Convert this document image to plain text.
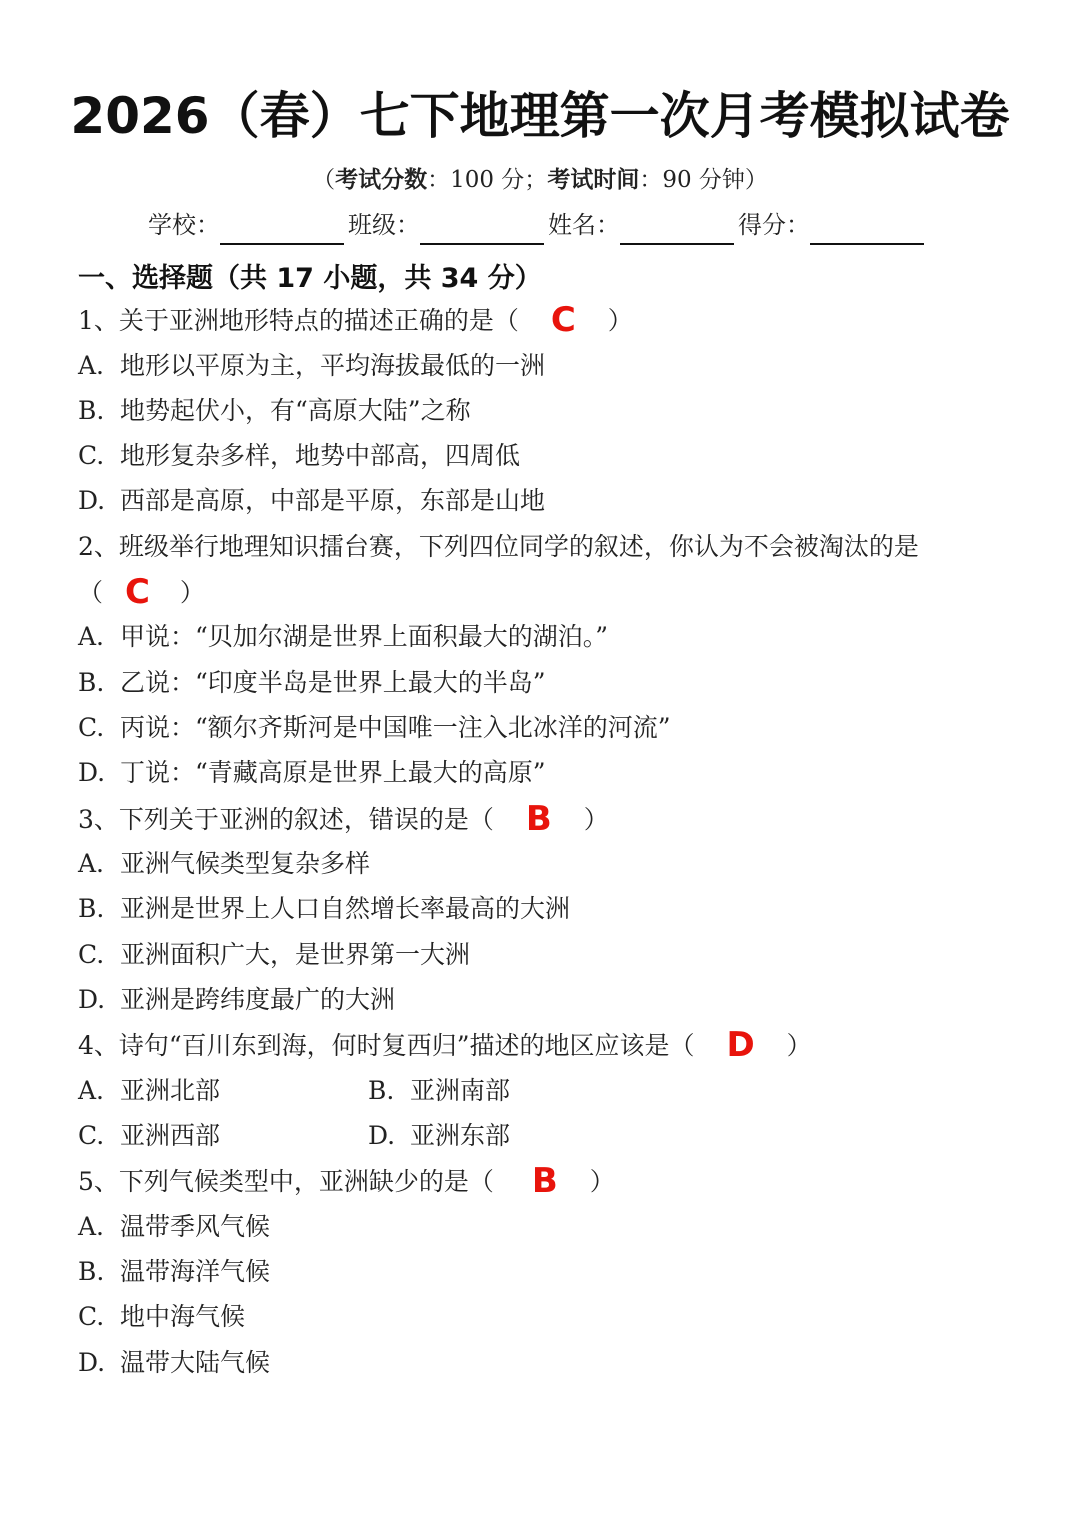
2026（春）七下地理第一次月考模拟试卷
（考试分数：100 分；考试时间：90 分钟）
学校：	班级：	姓名：	得分：
一、选择题（共 17 小题，共 34 分）
1、关于亚洲地形特点的描述正确的是（ C ）
A. 地形以平原为主，平均海拔最低的一洲
B. 地势起伏小，有“高原大陆”之称
C. 地形复杂多样，地势中部高，四周低
D. 西部是高原，中部是平原，东部是山地
2、班级举行地理知识擂台赛，下列四位同学的叙述，你认为不会被淘汰的是
（ C ）
A. 甲说：“贝加尔湖是世界上面积最大的湖泊。”
B. 乙说：“印度半岛是世界上最大的半岛”
C. 丙说：“额尔齐斯河是中国唯一注入北冰洋的河流”
D. 丁说：“青藏高原是世界上最大的高原”
3、下列关于亚洲的叙述，错误的是（ B ）
A. 亚洲气候类型复杂多样
B. 亚洲是世界上人口自然增长率最高的大洲
C. 亚洲面积广大，是世界第一大洲
D. 亚洲是跨纬度最广的大洲
4、诗句“百川东到海，何时复西归”描述的地区应该是（ D ）
A. 亚洲北部	B. 亚洲南部
C. 亚洲西部	D. 亚洲东部
5、下列气候类型中，亚洲缺少的是（ B ）
A. 温带季风气候
B. 温带海洋气候
C. 地中海气候
D. 温带大陆气候
